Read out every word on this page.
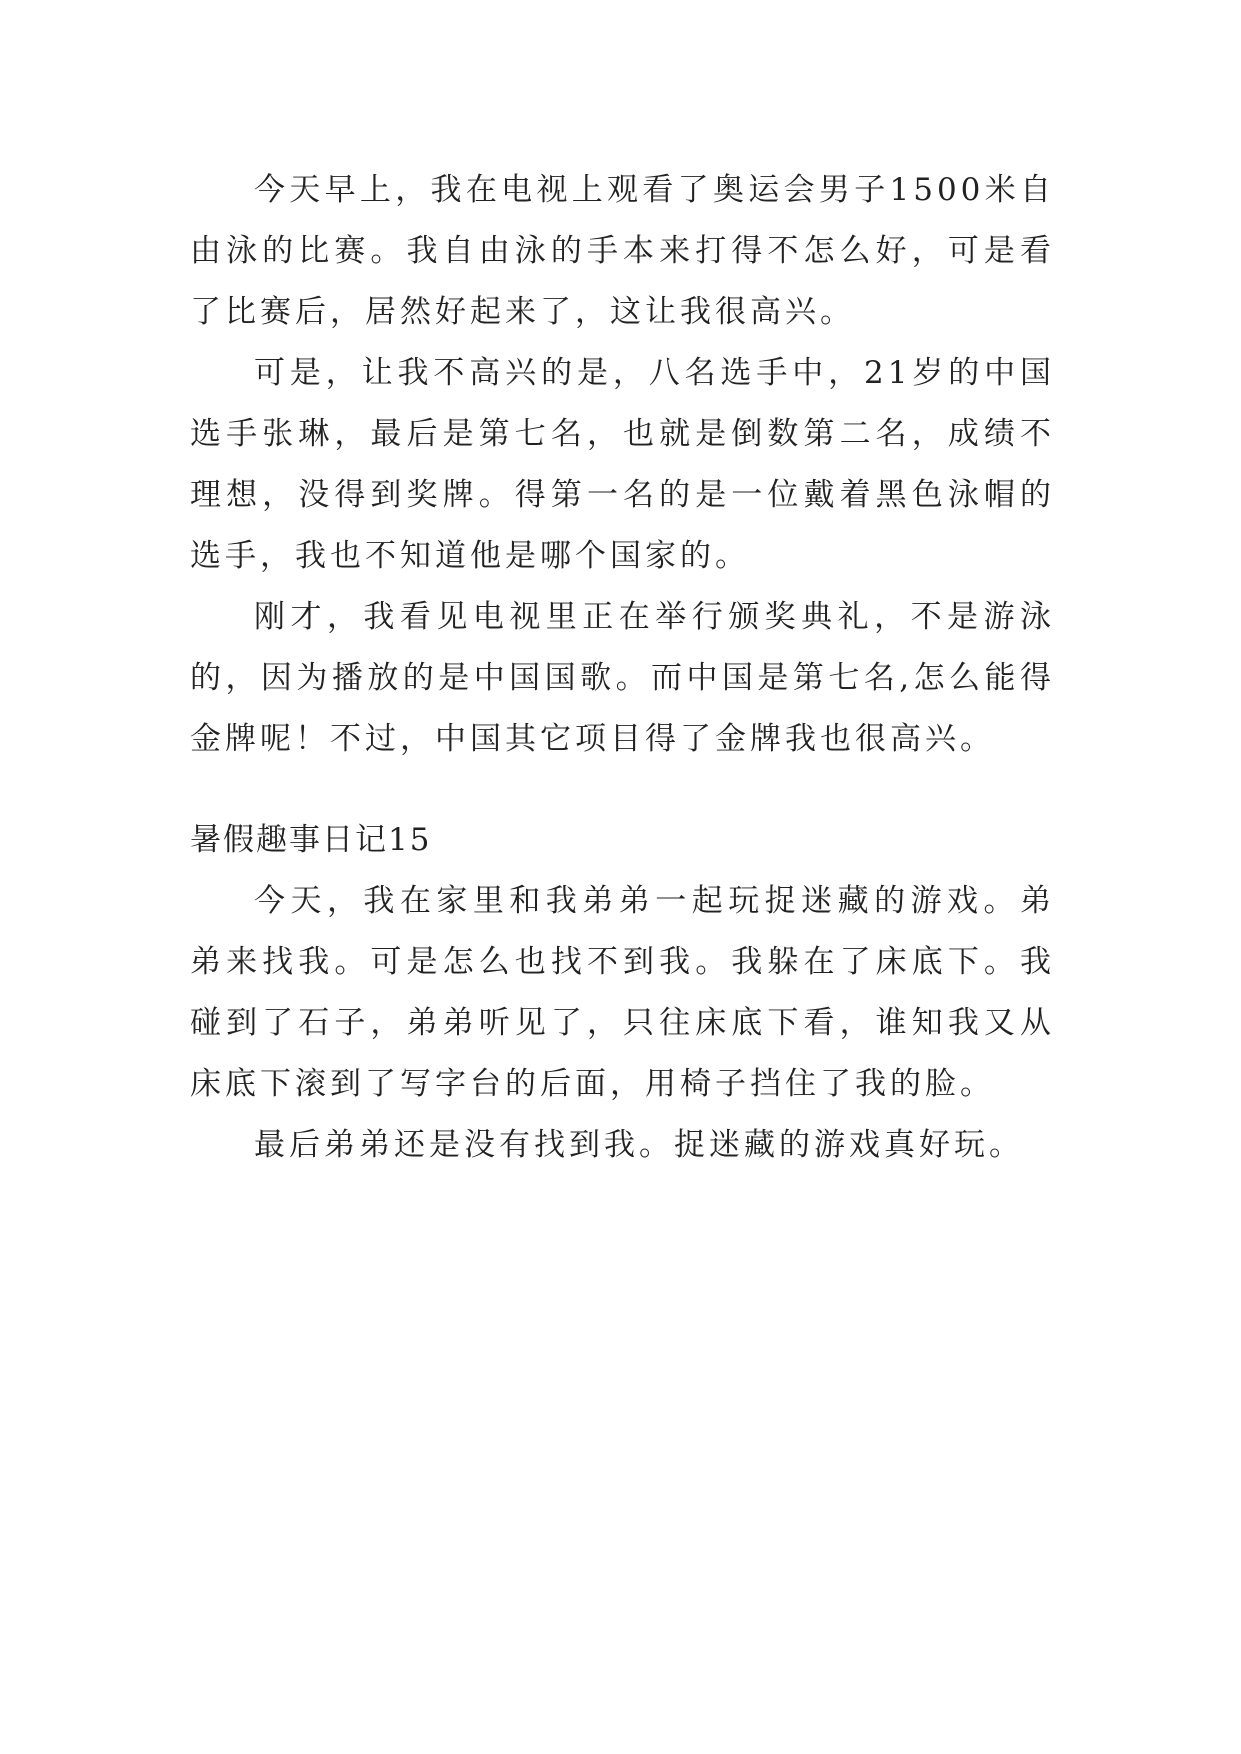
今天早上，我在电视上观看了奥运会男子1500米自由泳的比赛。我自由泳的手本来打得不怎么好，可是看了比赛后，居然好起来了，这让我很高兴。

可是，让我不高兴的是，八名选手中，21岁的中国选手张琳，最后是第七名，也就是倒数第二名，成绩不理想，没得到奖牌。得第一名的是一位戴着黑色泳帽的选手，我也不知道他是哪个国家的。

刚才，我看见电视里正在举行颁奖典礼，不是游泳的，因为播放的是中国国歌。而中国是第七名,怎么能得金牌呢！不过，中国其它项目得了金牌我也很高兴。

暑假趣事日记15

今天，我在家里和我弟弟一起玩捉迷藏的游戏。弟弟来找我。可是怎么也找不到我。我躲在了床底下。我碰到了石子，弟弟听见了，只往床底下看，谁知我又从床底下滚到了写字台的后面，用椅子挡住了我的脸。

最后弟弟还是没有找到我。捉迷藏的游戏真好玩。
